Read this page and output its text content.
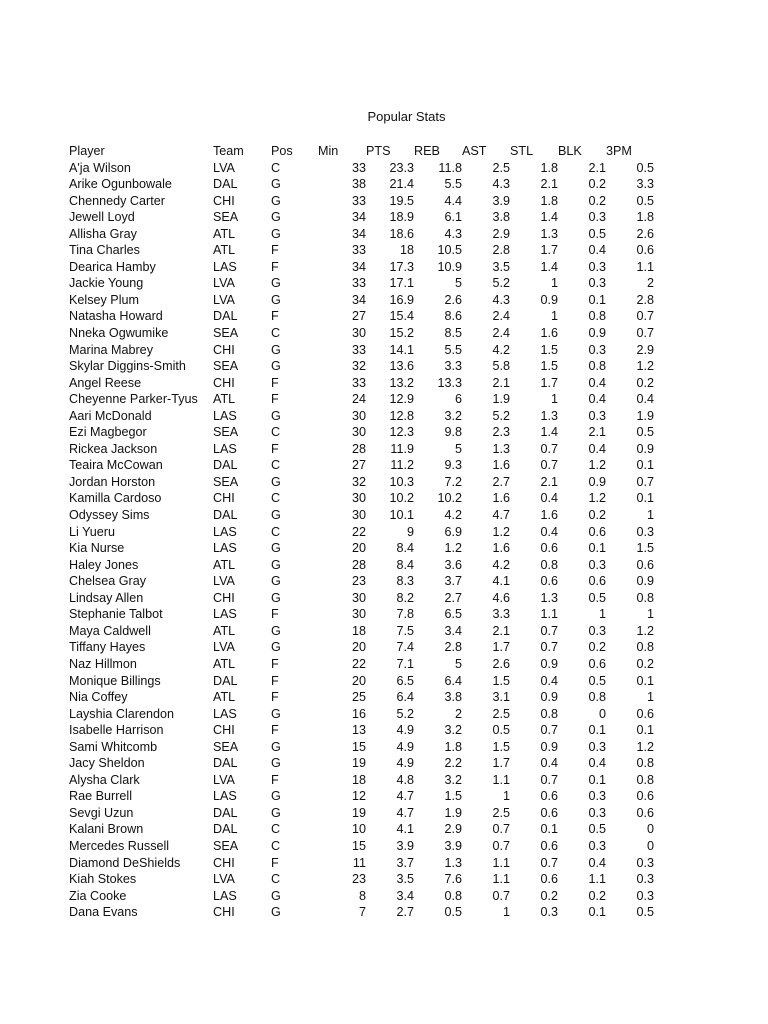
Popular Stats
Player	Team	Pos	Min	PTS	REB	AST	STL	BLK	3PM
A'ja Wilson	LVA	C	33	23.3	11.8	2.5	1.8	2.1	0.5
Arike Ogunbowale	DAL	G	38	21.4	5.5	4.3	2.1	0.2	3.3
Chennedy Carter	CHI	G	33	19.5	4.4	3.9	1.8	0.2	0.5
Jewell Loyd	SEA	G	34	18.9	6.1	3.8	1.4	0.3	1.8
Allisha Gray	ATL	G	34	18.6	4.3	2.9	1.3	0.5	2.6
Tina Charles	ATL	F	33	18	10.5	2.8	1.7	0.4	0.6
Dearica Hamby	LAS	F	34	17.3	10.9	3.5	1.4	0.3	1.1
Jackie Young	LVA	G	33	17.1	5	5.2	1	0.3	2
Kelsey Plum	LVA	G	34	16.9	2.6	4.3	0.9	0.1	2.8
Natasha Howard	DAL	F	27	15.4	8.6	2.4	1	0.8	0.7
Nneka Ogwumike	SEA	C	30	15.2	8.5	2.4	1.6	0.9	0.7
Marina Mabrey	CHI	G	33	14.1	5.5	4.2	1.5	0.3	2.9
Skylar Diggins-Smith	SEA	G	32	13.6	3.3	5.8	1.5	0.8	1.2
Angel Reese	CHI	F	33	13.2	13.3	2.1	1.7	0.4	0.2
Cheyenne Parker-Tyus	ATL	F	24	12.9	6	1.9	1	0.4	0.4
Aari McDonald	LAS	G	30	12.8	3.2	5.2	1.3	0.3	1.9
Ezi Magbegor	SEA	C	30	12.3	9.8	2.3	1.4	2.1	0.5
Rickea Jackson	LAS	F	28	11.9	5	1.3	0.7	0.4	0.9
Teaira McCowan	DAL	C	27	11.2	9.3	1.6	0.7	1.2	0.1
Jordan Horston	SEA	G	32	10.3	7.2	2.7	2.1	0.9	0.7
Kamilla Cardoso	CHI	C	30	10.2	10.2	1.6	0.4	1.2	0.1
Odyssey Sims	DAL	G	30	10.1	4.2	4.7	1.6	0.2	1
Li Yueru	LAS	C	22	9	6.9	1.2	0.4	0.6	0.3
Kia Nurse	LAS	G	20	8.4	1.2	1.6	0.6	0.1	1.5
Haley Jones	ATL	G	28	8.4	3.6	4.2	0.8	0.3	0.6
Chelsea Gray	LVA	G	23	8.3	3.7	4.1	0.6	0.6	0.9
Lindsay Allen	CHI	G	30	8.2	2.7	4.6	1.3	0.5	0.8
Stephanie Talbot	LAS	F	30	7.8	6.5	3.3	1.1	1	1
Maya Caldwell	ATL	G	18	7.5	3.4	2.1	0.7	0.3	1.2
Tiffany Hayes	LVA	G	20	7.4	2.8	1.7	0.7	0.2	0.8
Naz Hillmon	ATL	F	22	7.1	5	2.6	0.9	0.6	0.2
Monique Billings	DAL	F	20	6.5	6.4	1.5	0.4	0.5	0.1
Nia Coffey	ATL	F	25	6.4	3.8	3.1	0.9	0.8	1
Layshia Clarendon	LAS	G	16	5.2	2	2.5	0.8	0	0.6
Isabelle Harrison	CHI	F	13	4.9	3.2	0.5	0.7	0.1	0.1
Sami Whitcomb	SEA	G	15	4.9	1.8	1.5	0.9	0.3	1.2
Jacy Sheldon	DAL	G	19	4.9	2.2	1.7	0.4	0.4	0.8
Alysha Clark	LVA	F	18	4.8	3.2	1.1	0.7	0.1	0.8
Rae Burrell	LAS	G	12	4.7	1.5	1	0.6	0.3	0.6
Sevgi Uzun	DAL	G	19	4.7	1.9	2.5	0.6	0.3	0.6
Kalani Brown	DAL	C	10	4.1	2.9	0.7	0.1	0.5	0
Mercedes Russell	SEA	C	15	3.9	3.9	0.7	0.6	0.3	0
Diamond DeShields	CHI	F	11	3.7	1.3	1.1	0.7	0.4	0.3
Kiah Stokes	LVA	C	23	3.5	7.6	1.1	0.6	1.1	0.3
Zia Cooke	LAS	G	8	3.4	0.8	0.7	0.2	0.2	0.3
Dana Evans	CHI	G	7	2.7	0.5	1	0.3	0.1	0.5
